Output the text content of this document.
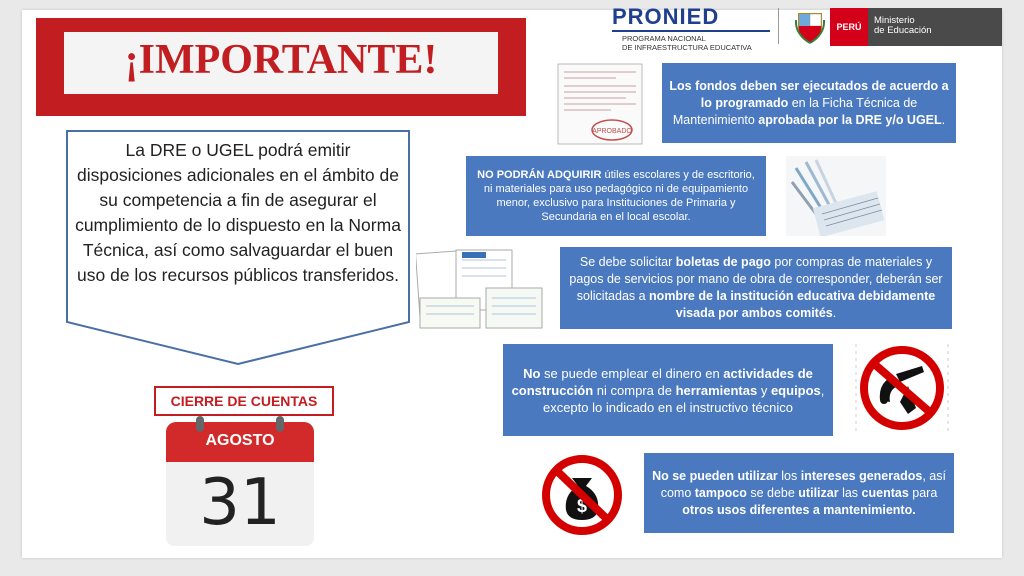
PRONIED
PROGRAMA NACIONAL
DE INFRAESTRUCTURA EDUCATIVA
PERÚ
Ministerio
de Educación
¡IMPORTANTE!
La DRE o UGEL podrá emitir disposiciones adicionales en el ámbito de su competencia a fin de asegurar el cumplimiento de lo dispuesto en la Norma Técnica, así como salvaguardar el buen uso de los recursos públicos transferidos.
CIERRE DE CUENTAS
AGOSTO
31
APROBADO
Los fondos deben ser ejecutados de acuerdo a lo programado en la Ficha Técnica de Mantenimiento aprobada por la DRE y/o UGEL.
NO PODRÁN ADQUIRIR útiles escolares y de escritorio, ni materiales para uso pedagógico ni de equipamiento menor, exclusivo para Instituciones de Primaria y Secundaria en el local escolar.
Se debe solicitar boletas de pago por compras de materiales y pagos de servicios por mano de obra de corresponder, deberán ser solicitadas a nombre de la institución educativa debidamente visada por ambos comités.
No se puede emplear el dinero en actividades de construcción ni compra de herramientas y equipos, excepto lo indicado en el instructivo técnico
$
No se pueden utilizar los intereses generados, así como tampoco se debe utilizar las cuentas para otros usos diferentes a mantenimiento.
